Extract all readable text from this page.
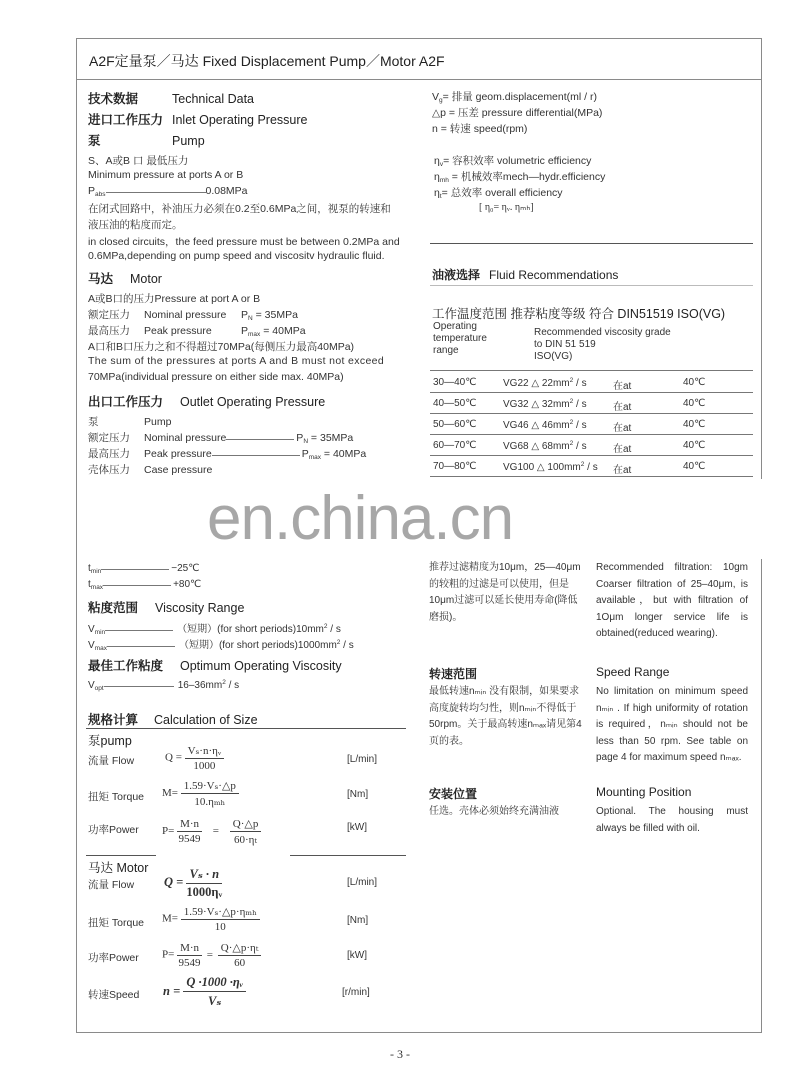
A2F定量泵／马达 Fixed Displacement Pump／Motor A2F
技术数据	Technical Data
进口工作压力 Inlet Operating Pressure
泵	Pump
S、A或B 口 最低压力
Minimum pressure at ports A or B
$P_{abs}$	0.08MPa
在闭式回路中，补油压力必须在0.2至0.6MPa之间，视泵的转速和
液压油的粘度而定。
in closed circuits，the feed pressure must be between 0.2MPa and
0.6MPa,depending on pump speed and viscositv hydraulic fluid.
马达 Motor
A或B口的压力Pressure at port A or B
额定压力 Nominal pressure $P_N = 35MPa$
最高压力 Peak pressure	$P_{max} = 40MPa$
A口和B口压力之和不得超过70MPa(每侧压力最高40MPa)
The sum of the pressures at ports A and B must not exceed
70MPa(individual pressure on either side max. 40MPa)
出口工作压力 Outlet Operating Pressure
泵	Pump
额定压力 Nominal pressure	$P_N = 35MPa$
最高压力 Peak pressure	$P_{max} = 40MPa$
壳体压力 Case pressure
$V_g=$ 排量 geom.displacement(ml / r)
△p = 压差 pressure differential(MPa)
n = 转速 speed(rpm)
$\eta_v=$ 容积效率 volumetric efficiency
$\eta_{mh}$ = 机械效率mech—hydr.efficiency
$\eta_t=$ 总效率 overall efficiency
[ η₀= ηᵥ. ηₘₕ]
油液选择 Fluid Recommendations
工作温度范围 推荐粘度等级 符合 DIN51519 ISO(VG)
Operating
temperature
range
Recommended viscosity grade
to DIN 51 519
ISO(VG)
30—40℃	VG22 △ $22mm^2$ / s	在at	40℃
40—50℃	VG32 △ $32mm^2$ / s	在at	40℃
50—60℃	VG46 △ $46mm^2$ / s	在at	40℃
60—70℃	VG68 △ $68mm^2$ / s	在at	40℃
70—80℃	VG100 △ $100mm^2$ / s 在at	40℃
en.china.cn
$t_{min}$	−25℃
$t_{max}$	+80℃
粘度范围 Viscosity Range
$V_{min}$	（短期）(for short $periods)10mm^2$ / s
$V_{max}$	（短期）(for short $periods)1000mm^2$ / s
最佳工作粘度 Optimum Operating Viscosity
$V_{opt}$	$16-36mm^2$ / s
规格计算 Calculation of Size
泵pump
流量 Flow	$Q = \frac{\text{Vₛ·n·ηᵥ}}{1000}$	[L/min]
扭矩 Torque $M= \frac{\text{1.59·Vₛ·△p}}{\text{10.ηₘₕ}}$	[Nm]
功率Power $P= \frac{M\cdot n}{9549} = \frac{Q\cdot\triangle p}{\text{60·ηₜ}}$	[kW]
马达 Motor
流量 Flow $Q = \frac{\text{Vₛ · n}}{\text{1000ηᵥ}}$	[L/min]
扭矩 Torque $M= \frac{\text{1.59·Vₛ·△p·ηₘₕ}}{10}$	[Nm]
功率Power $P= \frac{M\cdot n}{9549} = \frac{\text{Q·△p·ηₜ}}{60}$	[kW]
转速Speed $n = \frac{\text{Q ·1000 ·ηᵥ}}{\text{Vₛ}}$	[r/min]
推荐过滤精度为10μm，25—40μm的较粗的过滤是可以使用，但是10μm过滤可以延长使用寿命(降低磨损)。
Recommended filtration: 10gm Coarser filtration of 25–40μm, is available，but with filtration of 1Oμm longer service life is obtained(reduced wearing).
转速范围	Speed Range
最低转速nₘᵢₙ 没有限制，如果要求高度旋转均匀性，则nₘᵢₙ不得低于50rpm。关于最高转速nₘₐₓ请见第4页的表。
No limitation on minimum speed nₘᵢₙ . If high uniformity of rotation is required，nₘᵢₙ should not be less than 50 rpm. See table on page 4 for maximum speed nₘₐₓ.
安装位置	Mounting Position
任选。壳体必须始终充满油液	Optional. The housing must always be filled with oil.
- 3 -
